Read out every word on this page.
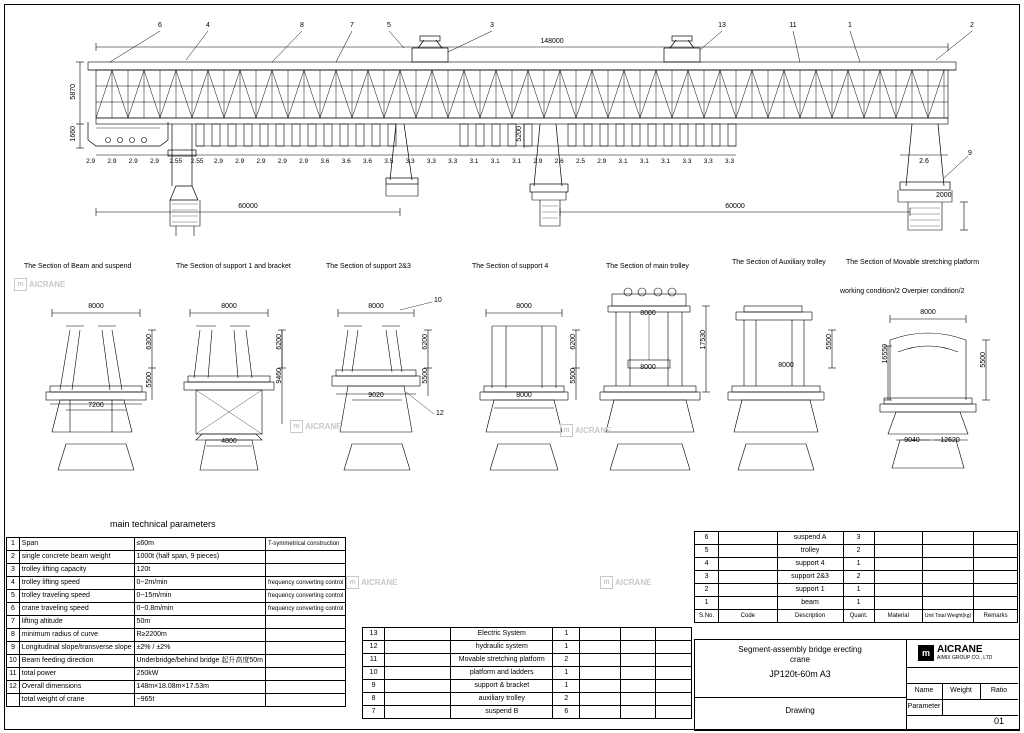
6	4	8	7	5	3	13	11	1	2
9
148000
60000	60000
5870
1660	5200
2000
2.9	2.9	2.9	2.9	2.55	2.55	2.9	2.9	2.9	2.9	2.9	3.6	3.6	3.6	3.5	3.3	3.3	3.3	3.1	3.1	3.1	2.9	2.6	2.5	2.9	3.1	3.1	3.1	3.3	3.3	3.3	2.6
The Section of Beam and suspend	The Section of support 1 and bracket	The Section of support 2&3	The Section of support 4	The Section of main trolley
The Section of Auxiliary trolley	The Section of Movable stretching platform
working condition/2 Overpier condition/2
8000
6300
5500
7200
8000
6200
9460
4800
8000
6200
5500
9020
10
12
8000
6200
5500
8000
8000
17530
8000	8000
5500
8000
16550	5500
9040	12620
m AICRANE
m AICRANE	m AICRANE
m AICRANE	m AICRANE
main technical parameters
1	Span	≤60m	T-symmetrical construction
2	single concrete beam weight	1000t (half span, 9 pieces)	
3	trolley lifting capacity	120t	
4	trolley lifting speed	0~2m/min	frequency converting control
5	trolley traveling speed	0~15m/min	frequency converting control
6	crane traveling speed	0~0.8m/min	frequency converting control
7	lifting altitude	50m	
8	minimum radius of curve	R≥2200m	
9	Longitudinal slope/transverse slope	±2% / ±2%	
10	Beam feeding direction	Underbridge/behind bridge 起升高度50m	
11	total power	250kW	
12	Overall dimensions	148m×18.08m×17.53m	
	total weight of crane	~965t	
13		Electric System	1			
12		hydraulic system	1			
11		Movable stretching platform	2			
10		platform and ladders	1			
9		support & bracket	1			
8		auxiliary trolley	2			
7		suspend B	6			
6		suspend A	3			
5		trolley	2			
4		support 4	1			
3		support 2&3	2			
2		support 1	1			
1		beam	1			
S.No.	Code	Description	Quant.	Material	Unit Total Weight(kg)	Remarks
Segment-assembly bridge erecting
crane
JP120t-60m A3
Drawing
m AICRANE
AIMIX GROUP CO., LTD
Name Weight	Ratio
Parameter
01
